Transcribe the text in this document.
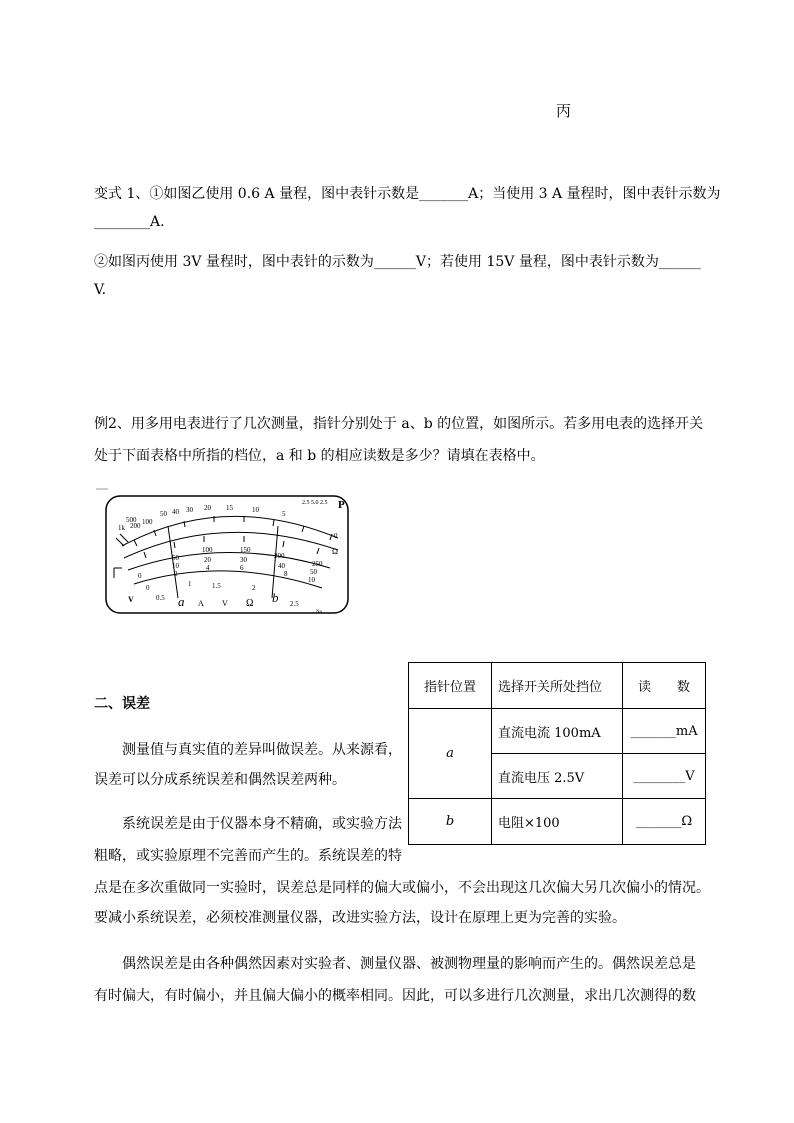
丙
变式 1、①如图乙使用 0.6 A 量程，图中表针示数是_______A；当使用 3 A 量程时，图中表针示数为
________A.
②如图丙使用 3V 量程时，图中表针的示数为______V；若使用 15V 量程，图中表针示数为______
V.
例2、用多用电表进行了几次测量，指针分别处于 a、b 的位置，如图所示。若多用电表的选择开关
处于下面表格中所指的档位，a 和 b 的相应读数是多少？请填在表格中。
1k
500
200 100
50 40 30 20 15	10	5
0
2.5 5.0 2.5
50
100	150
200
250
10
20	30
40
50
0	2
4	6
8
10
0
0.5
1	1.5	2
2.5
No
Ω
P
V	A V Ω
a	b
指针位置	选择开关所处挡位	读　　数
a	直流电流 100mA	_______mA
	直流电压 2.5V	________V
b	电阻×100	_______Ω
二、误差
测量值与真实值的差异叫做误差。从来源看，
误差可以分成系统误差和偶然误差两种。
系统误差是由于仪器本身不精确，或实验方法
粗略，或实验原理不完善而产生的。系统误差的特
点是在多次重做同一实验时，误差总是同样的偏大或偏小，不会出现这几次偏大另几次偏小的情况。
要减小系统误差，必须校准测量仪器，改进实验方法，设计在原理上更为完善的实验。
偶然误差是由各种偶然因素对实验者、测量仪器、被测物理量的影响而产生的。偶然误差总是
有时偏大，有时偏小，并且偏大偏小的概率相同。因此，可以多进行几次测量，求出几次测得的数
